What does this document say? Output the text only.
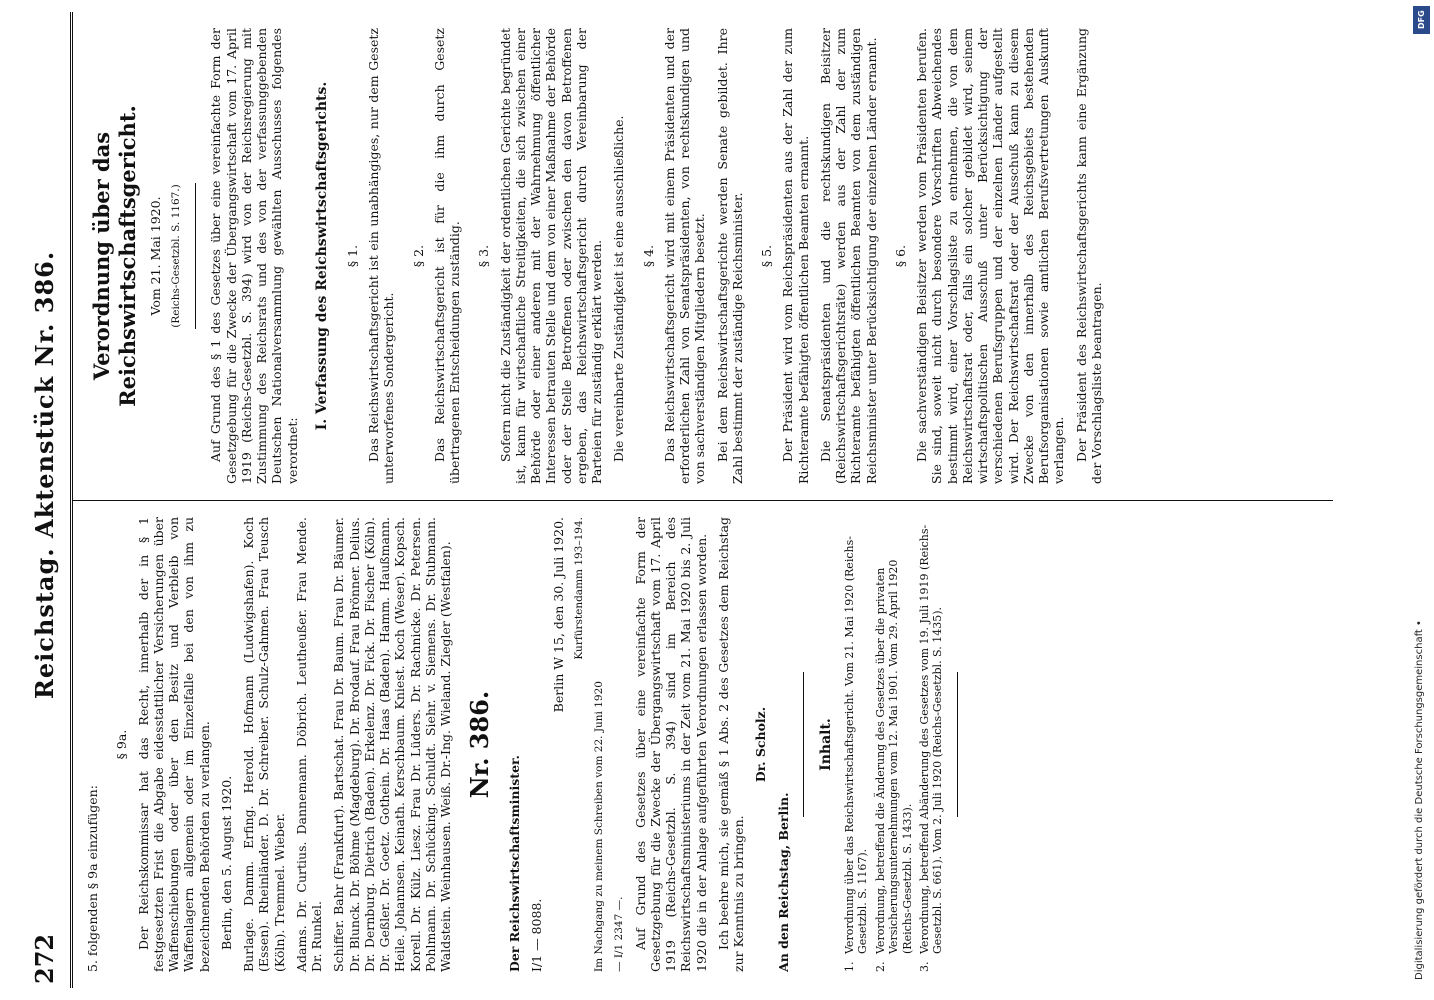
272
Reichstag. Aktenstück Nr. 386.

5. folgenden § 9a einzufügen:

§ 9a. Der Reichskommissar hat das Recht, innerhalb der in § 1 festgesetzten Frist die Abgabe eidesstattlicher Versicherungen über Waffenschiebungen oder über den Besitz und Verbleib von Waffenlagern allgemein oder im Einzelfalle bei den von ihm zu bezeichnenden Behörden zu verlangen. Berlin, den 5. August 1920. Burlage. Damm. Erfing. Herold. Hofmann (Ludwigshafen). Koch (Essen). Rheinländer. D. Dr. Schreiber. Schulz-Gahmen. Frau Teusch (Köln). Tremmel. Wieber. Adams. Dr. Curtius. Dannemann. Döbrich. Leutheußer. Frau Mende. Dr. Runkel. Schiffer. Bahr (Frankfurt). Bartschat. Frau Dr. Baum. Frau Dr. Bäumer. Dr. Blunck. Dr. Böhme (Magdeburg). Dr. Brodauf. Frau Brönner. Delius. Dr. Dernburg. Dietrich (Baden). Erkelenz. Dr. Fick. Dr. Fischer (Köln). Dr. Geßler. Dr. Goetz. Gothein. Dr. Haas (Baden). Hamm. Haußmann. Heile. Johannsen. Keinath. Kerschbaum. Kniest. Koch (Weser). Kopsch. Korell. Dr. Külz. Liesz. Frau Dr. Lüders. Dr. Rachnicke. Dr. Petersen. Pohlmann. Dr. Schücking. Schuldt. Siehr. v. Siemens. Dr. Stubmann. Waldstein. Weinhausen. Weiß. Dr.-Ing. Wieland. Ziegler (Westfalen). Nr. 386.

Der Reichswirtschaftsminister. I/1 — 8088.

Berlin W 15, den 30. Juli 1920. Kurfürstendamm 193–194.

Im Nachgang zu meinem Schreiben vom 22. Juni 1920 — I/1 2347 —. Auf Grund des Gesetzes über eine vereinfachte Form der Gesetzgebung für die Zwecke der Übergangswirtschaft vom 17. April 1919 (Reichs-Gesetzbl. S. 394) sind im Bereich des Reichswirtschaftsministeriums in der Zeit vom 21. Mai 1920 bis 2. Juli 1920 die in der Anlage aufgeführten Verordnungen erlassen worden. Ich beehre mich, sie gemäß § 1 Abs. 2 des Gesetzes dem Reichstag zur Kenntnis zu bringen.

Dr. Scholz.

An den Reichstag, Berlin.

Inhalt.
1.
Verordnung über das Reichswirtschaftsgericht. Vom 21. Mai 1920 (Reichs-Gesetzbl. S. 1167).
2.
Verordnung, betreffend die Änderung des Gesetzes über die privaten Versicherungsunternehmungen vom 12. Mai 1901. Vom 29. April 1920 (Reichs-Gesetzbl. S. 1433).
3.
Verordnung, betreffend Abänderung des Gesetzes vom 19. Juli 1919 (Reichs-Gesetzbl. S. 661). Vom 2. Juli 1920 (Reichs-Gesetzbl. S. 1435).
Verordnung über das Reichswirtschaftsgericht. Vom 21. Mai 1920. (Reichs-Gesetzbl. S. 1167.) Auf Grund des § 1 des Gesetzes über eine vereinfachte Form der Gesetzgebung für die Zwecke der Übergangswirtschaft vom 17. April 1919 (Reichs-Gesetzbl. S. 394) wird von der Reichsregierung mit Zustimmung des Reichsrats und des von der verfassunggebenden Deutschen Nationalversammlung gewählten Ausschusses folgendes verordnet:

I. Verfassung des Reichswirtschaftsgerichts. § 1. Das Reichswirtschaftsgericht ist ein unabhängiges, nur dem Gesetz unterworfenes Sondergericht.

§ 2. Das Reichswirtschaftsgericht ist für die ihm durch Gesetz übertragenen Entscheidungen zuständig. § 3. Sofern nicht die Zuständigkeit der ordentlichen Gerichte begründet ist, kann für wirtschaftliche Streitigkeiten, die sich zwischen einer Behörde oder einer anderen mit der Wahrnehmung öffentlicher Interessen betrauten Stelle und dem von einer Maßnahme der Behörde oder der Stelle Betroffenen oder zwischen den davon Betroffenen ergeben, das Reichswirtschaftsgericht durch Vereinbarung der Parteien für zuständig erklärt werden. Die vereinbarte Zuständigkeit ist eine ausschließliche. § 4. Das Reichswirtschaftsgericht wird mit einem Präsidenten und der erforderlichen Zahl von Senatspräsidenten, von rechtskundigen und von sachverständigen Mitgliedern besetzt. Bei dem Reichswirtschaftsgerichte werden Senate gebildet. Ihre Zahl bestimmt der zuständige Reichsminister. § 5. Der Präsident wird vom Reichspräsidenten aus der Zahl der zum Richteramte befähigten öffentlichen Beamten ernannt. Die Senatspräsidenten und die rechtskundigen Beisitzer (Reichswirtschaftsgerichtsräte) werden aus der Zahl der zum Richteramte befähigten öffentlichen Beamten von dem zuständigen Reichsminister unter Berücksichtigung der einzelnen Länder ernannt. § 6. Die sachverständigen Beisitzer werden vom Präsidenten berufen. Sie sind, soweit nicht durch besondere Vorschriften Abweichendes bestimmt wird, einer Vorschlagsliste zu entnehmen, die von dem Reichswirtschaftsrat oder, falls ein solcher gebildet wird, seinem wirtschaftspolitischen Ausschuß unter Berücksichtigung der verschiedenen Berufsgruppen und der einzelnen Länder aufgestellt wird. Der Reichswirtschaftsrat oder der Ausschuß kann zu diesem Zwecke von den innerhalb des Reichsgebiets bestehenden Berufsorganisationen sowie amtlichen Berufsvertretungen Auskunft verlangen. Der Präsident des Reichswirtschaftsgerichts kann eine Ergänzung der Vorschlagsliste beantragen.

DFG
Digitalisierung gefördert durch die Deutsche Forschungsgemeinschaft •
